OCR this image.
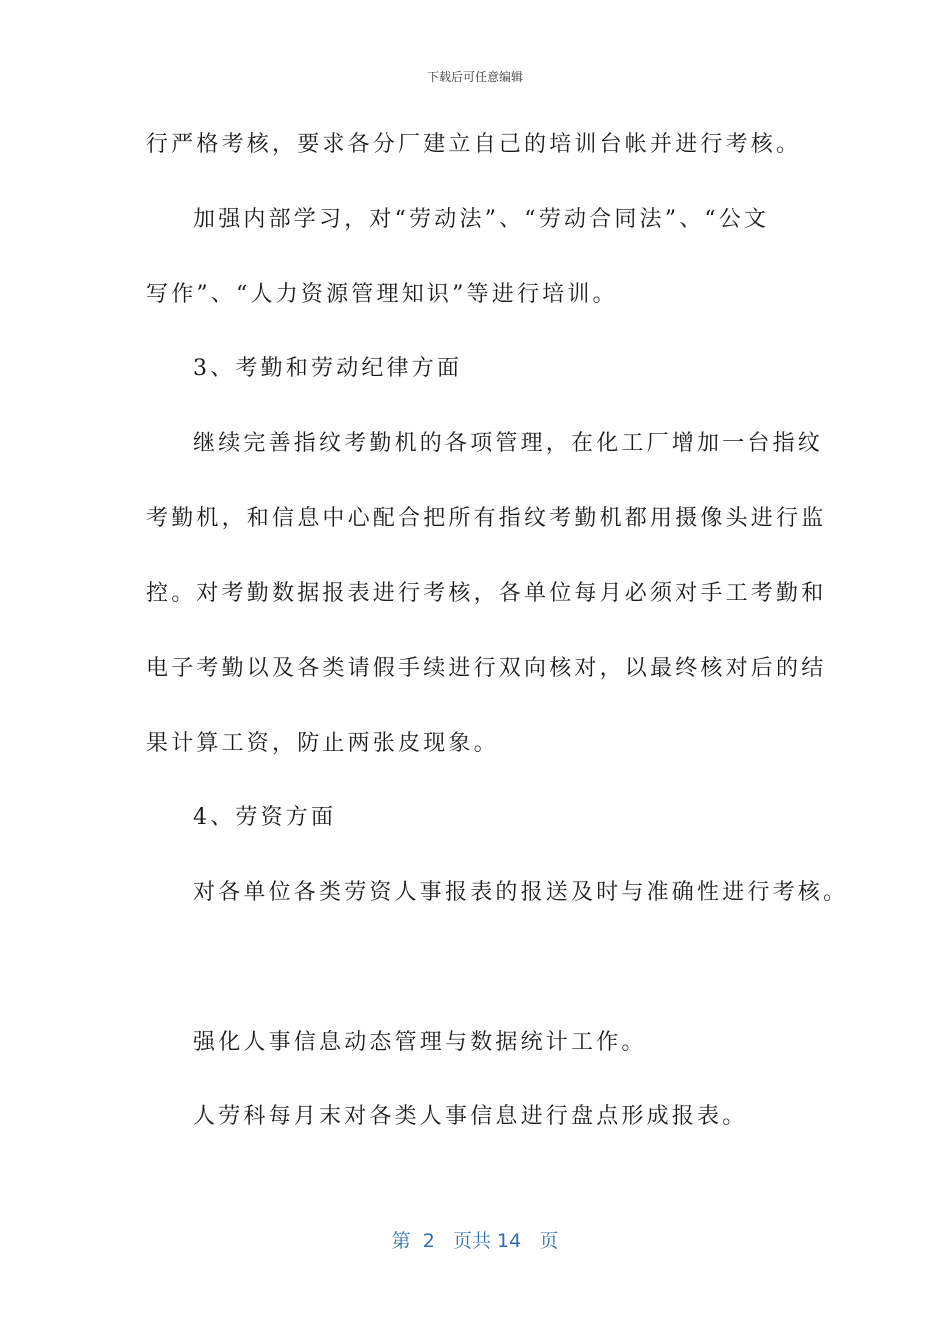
下载后可任意编辑
行严格考核，要求各分厂建立自己的培训台帐并进行考核。
加强内部学习，对“劳动法”、“劳动合同法”、“公文
写作”、“人力资源管理知识”等进行培训。
3、考勤和劳动纪律方面
继续完善指纹考勤机的各项管理，在化工厂增加一台指纹
考勤机，和信息中心配合把所有指纹考勤机都用摄像头进行监
控。对考勤数据报表进行考核，各单位每月必须对手工考勤和
电子考勤以及各类请假手续进行双向核对，以最终核对后的结
果计算工资，防止两张皮现象。
4、劳资方面
对各单位各类劳资人事报表的报送及时与准确性进行考核。
强化人事信息动态管理与数据统计工作。
人劳科每月末对各类人事信息进行盘点形成报表。
第 2 页共 14 页
